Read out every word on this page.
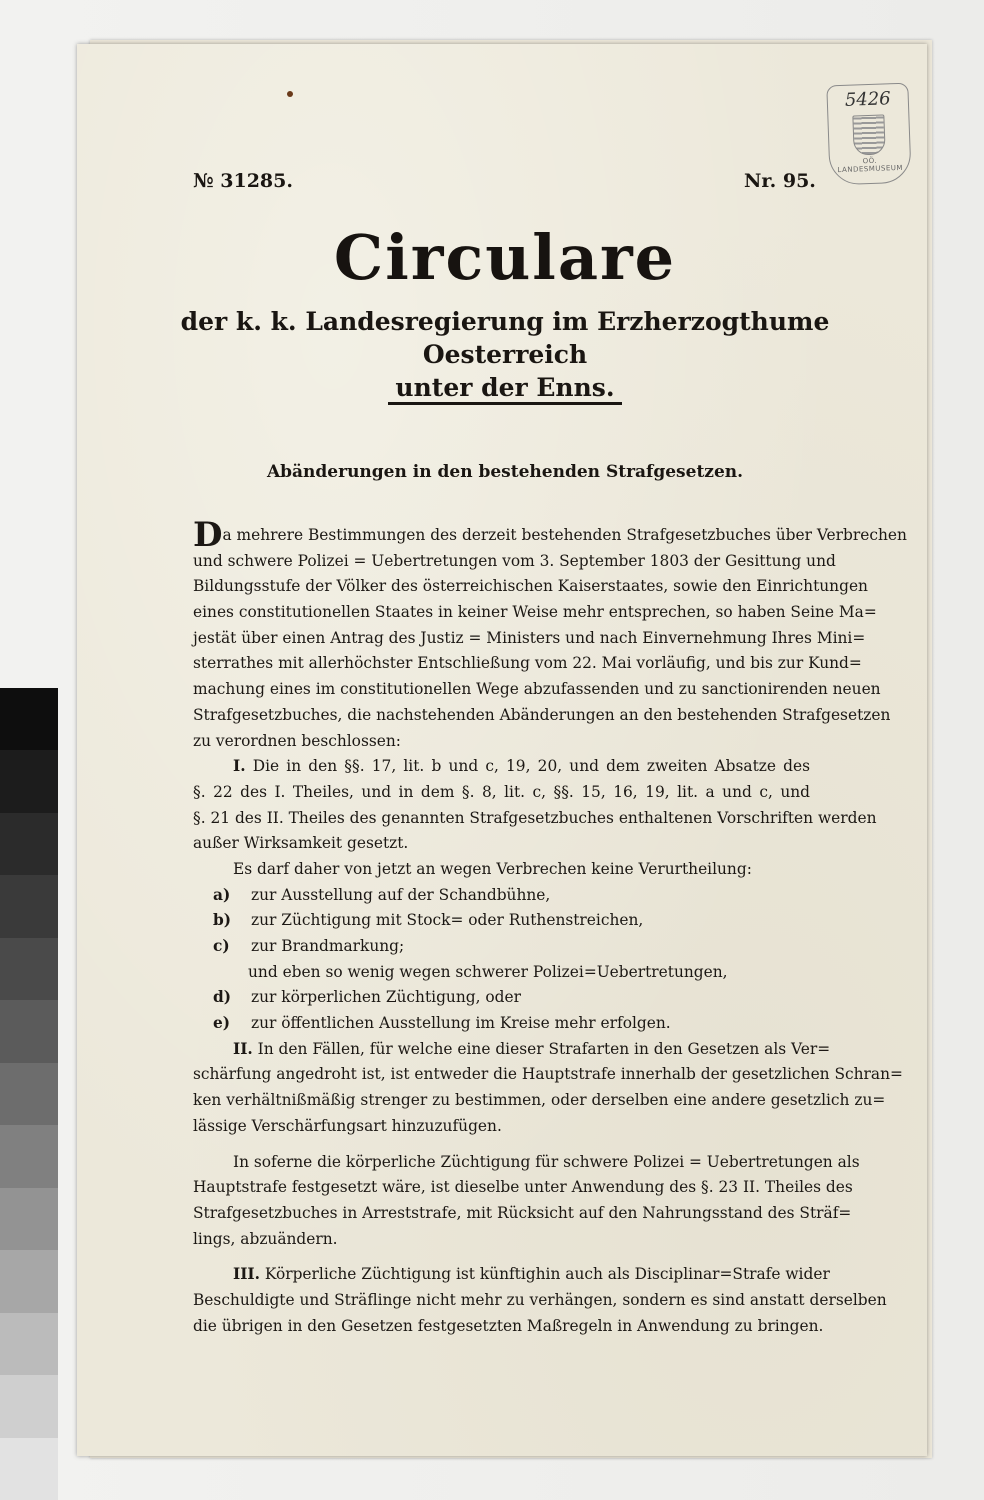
5426
OÖ. LANDESMUSEUM
№ 31285.	Nr. 95.
Circulare
der k. k. Landesregierung im Erzherzogthume Oesterreich
unter der Enns.
Abänderungen in den bestehenden Strafgesetzen.
Da mehrere Bestimmungen des derzeit bestehenden Strafgesetzbuches über Verbrechen
und schwere Polizei = Uebertretungen vom 3. September 1803 der Gesittung und
Bildungsstufe der Völker des österreichischen Kaiserstaates, sowie den Einrichtungen
eines constitutionellen Staates in keiner Weise mehr entsprechen, so haben Seine Ma=
jestät über einen Antrag des Justiz = Ministers und nach Einvernehmung Ihres Mini=
sterrathes mit allerhöchster Entschließung vom 22. Mai vorläufig, und bis zur Kund=
machung eines im constitutionellen Wege abzufassenden und zu sanctionirenden neuen
Strafgesetzbuches, die nachstehenden Abänderungen an den bestehenden Strafgesetzen
zu verordnen beschlossen:
I. Die in den §§. 17, lit. b und c, 19, 20, und dem zweiten Absatze des
§. 22 des I. Theiles, und in dem §. 8, lit. c, §§. 15, 16, 19, lit. a und c, und
§. 21 des II. Theiles des genannten Strafgesetzbuches enthaltenen Vorschriften werden
außer Wirksamkeit gesetzt.
Es darf daher von jetzt an wegen Verbrechen keine Verurtheilung:
a) zur Ausstellung auf der Schandbühne,
b) zur Züchtigung mit Stock= oder Ruthenstreichen,
c) zur Brandmarkung;
und eben so wenig wegen schwerer Polizei=Uebertretungen,
d) zur körperlichen Züchtigung, oder
e) zur öffentlichen Ausstellung im Kreise mehr erfolgen.
II. In den Fällen, für welche eine dieser Strafarten in den Gesetzen als Ver=
schärfung angedroht ist, ist entweder die Hauptstrafe innerhalb der gesetzlichen Schran=
ken verhältnißmäßig strenger zu bestimmen, oder derselben eine andere gesetzlich zu=
lässige Verschärfungsart hinzuzufügen.
In soferne die körperliche Züchtigung für schwere Polizei = Uebertretungen als
Hauptstrafe festgesetzt wäre, ist dieselbe unter Anwendung des §. 23 II. Theiles des
Strafgesetzbuches in Arreststrafe, mit Rücksicht auf den Nahrungsstand des Sträf=
lings, abzuändern.
III. Körperliche Züchtigung ist künftighin auch als Disciplinar=Strafe wider
Beschuldigte und Sträflinge nicht mehr zu verhängen, sondern es sind anstatt derselben
die übrigen in den Gesetzen festgesetzten Maßregeln in Anwendung zu bringen.
